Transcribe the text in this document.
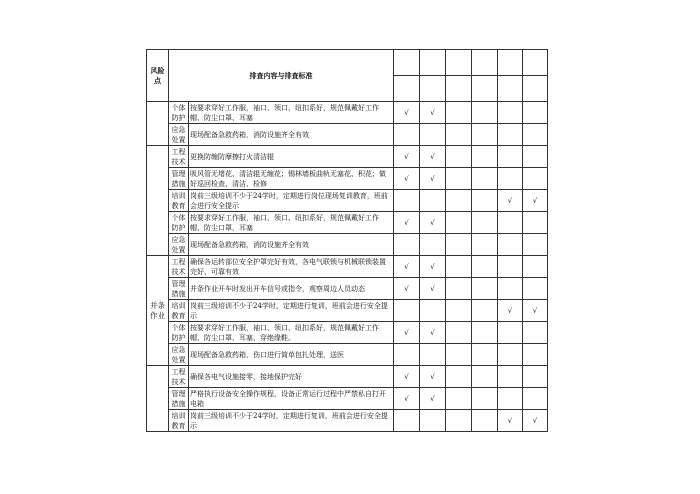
风险点	排查内容与排查标准							

	个体防护	按要求穿好工作服，袖口、领口、纽扣系好，规范佩戴好工作帽、防尘口罩、耳塞	√	√				
	应急处置	现场配备急救药箱，消防设施齐全有效						
	工程技术	更换防缠防摩擦打火清洁辊	√	√				
	管理措施	吸风管无堵花、清洁辊无缠花；锡林墙板曲轨无塞花、积花；做好巡回检查、清洁、检修	√	√				
	培训教育	岗前三级培训不少于24学时，定期进行岗位现场复训教育，班前会进行安全提示					√	√
	个体防护	按要求穿好工作服，袖口、领口、纽扣系好，规范佩戴好工作帽、防尘口罩、耳塞	√	√				
	应急处置	现场配备急救药箱，消防设施齐全有效						
并条作业	工程技术	确保各运转部位安全护罩完好有效，各电气联锁与机械联锁装置完好、可靠有效	√	√				
	管理措施	并条作业开车时发出开车信号或指令，观察周边人员动态	√	√				
	培训教育	岗前三级培训不少于24学时，定期进行复训，班前会进行安全提示					√	√
	个体防护	按要求穿好工作服，袖口、领口、纽扣系好，规范佩戴好工作帽、防尘口罩、耳塞，穿绝缘鞋。	√	√				
	应急处置	现场配备急救药箱，伤口进行简单包扎处理，送医						
	工程技术	确保各电气设施接零、接地保护完好	√	√				
	管理措施	严格执行设备安全操作规程，设备正常运行过程中严禁私自打开电箱	√	√				
	培训教育	岗前三级培训不少于24学时，定期进行复训，班前会进行安全提示					√	√
